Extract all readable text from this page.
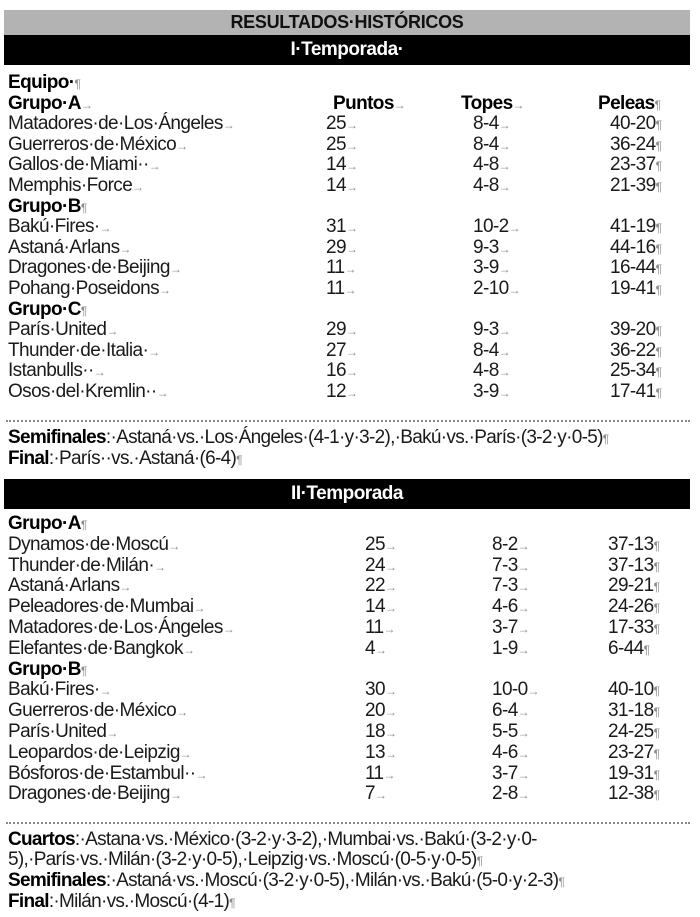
RESULTADOS·HISTÓRICOS
I·Temporada·
Equipo·¶
Grupo·A→	Puntos→	Topes→	Peleas¶
Matadores·de·Los·Ángeles→	25→	8-4→	40-20¶
Guerreros·de·México→	25→	8-4→	36-24¶
Gallos·de·Miami··→	14→	4-8→	23-37¶
Memphis·Force→	14→	4-8→	21-39¶
Grupo·B¶
Bakú·Fires·→	31→	10-2→	41-19¶
Astaná·Arlans→	29→	9-3→	44-16¶
Dragones·de·Beijing→	11→	3-9→	16-44¶
Pohang·Poseidons→	11→	2-10→	19-41¶
Grupo·C¶
París·United→	29→	9-3→	39-20¶
Thunder·de·Italia·→	27→	8-4→	36-22¶
Istanbulls··→	16→	4-8→	25-34¶
Osos·del·Kremlin··→	12→	3-9→	17-41¶
Semifinales:·Astaná·vs.·Los·Ángeles·(4-1·y·3-2),·Bakú·vs.·París·(3-2·y·0-5)¶
Final:·París··vs.·Astaná·(6-4)¶
II·Temporada
Grupo·A¶
Dynamos·de·Moscú→	25→	8-2→	37-13¶
Thunder·de·Milán·→	24→	7-3→	37-13¶
Astaná·Arlans→	22→	7-3→	29-21¶
Peleadores·de·Mumbai→	14→	4-6→	24-26¶
Matadores·de·Los·Ángeles→	11→	3-7→	17-33¶
Elefantes·de·Bangkok→	4→	1-9→	6-44¶
Grupo·B¶
Bakú·Fires·→	30→	10-0→	40-10¶
Guerreros·de·México→	20→	6-4→	31-18¶
París·United→	18→	5-5→	24-25¶
Leopardos·de·Leipzig→	13→	4-6→	23-27¶
Bósforos·de·Estambul··→	11→	3-7→	19-31¶
Dragones·de·Beijing→	7→	2-8→	12-38¶
Cuartos:·Astana·vs.·México·(3-2·y·3-2),·Mumbai·vs.·Bakú·(3-2·y·0-5),·París·vs.·Milán·(3-2·y·0-5),·Leipzig·vs.·Moscú·(0-5·y·0-5)¶
Semifinales:·Astaná·vs.·Moscú·(3-2·y·0-5),·Milán·vs.·Bakú·(5-0·y·2-3)¶
Final:·Milán·vs.·Moscú·(4-1)¶
